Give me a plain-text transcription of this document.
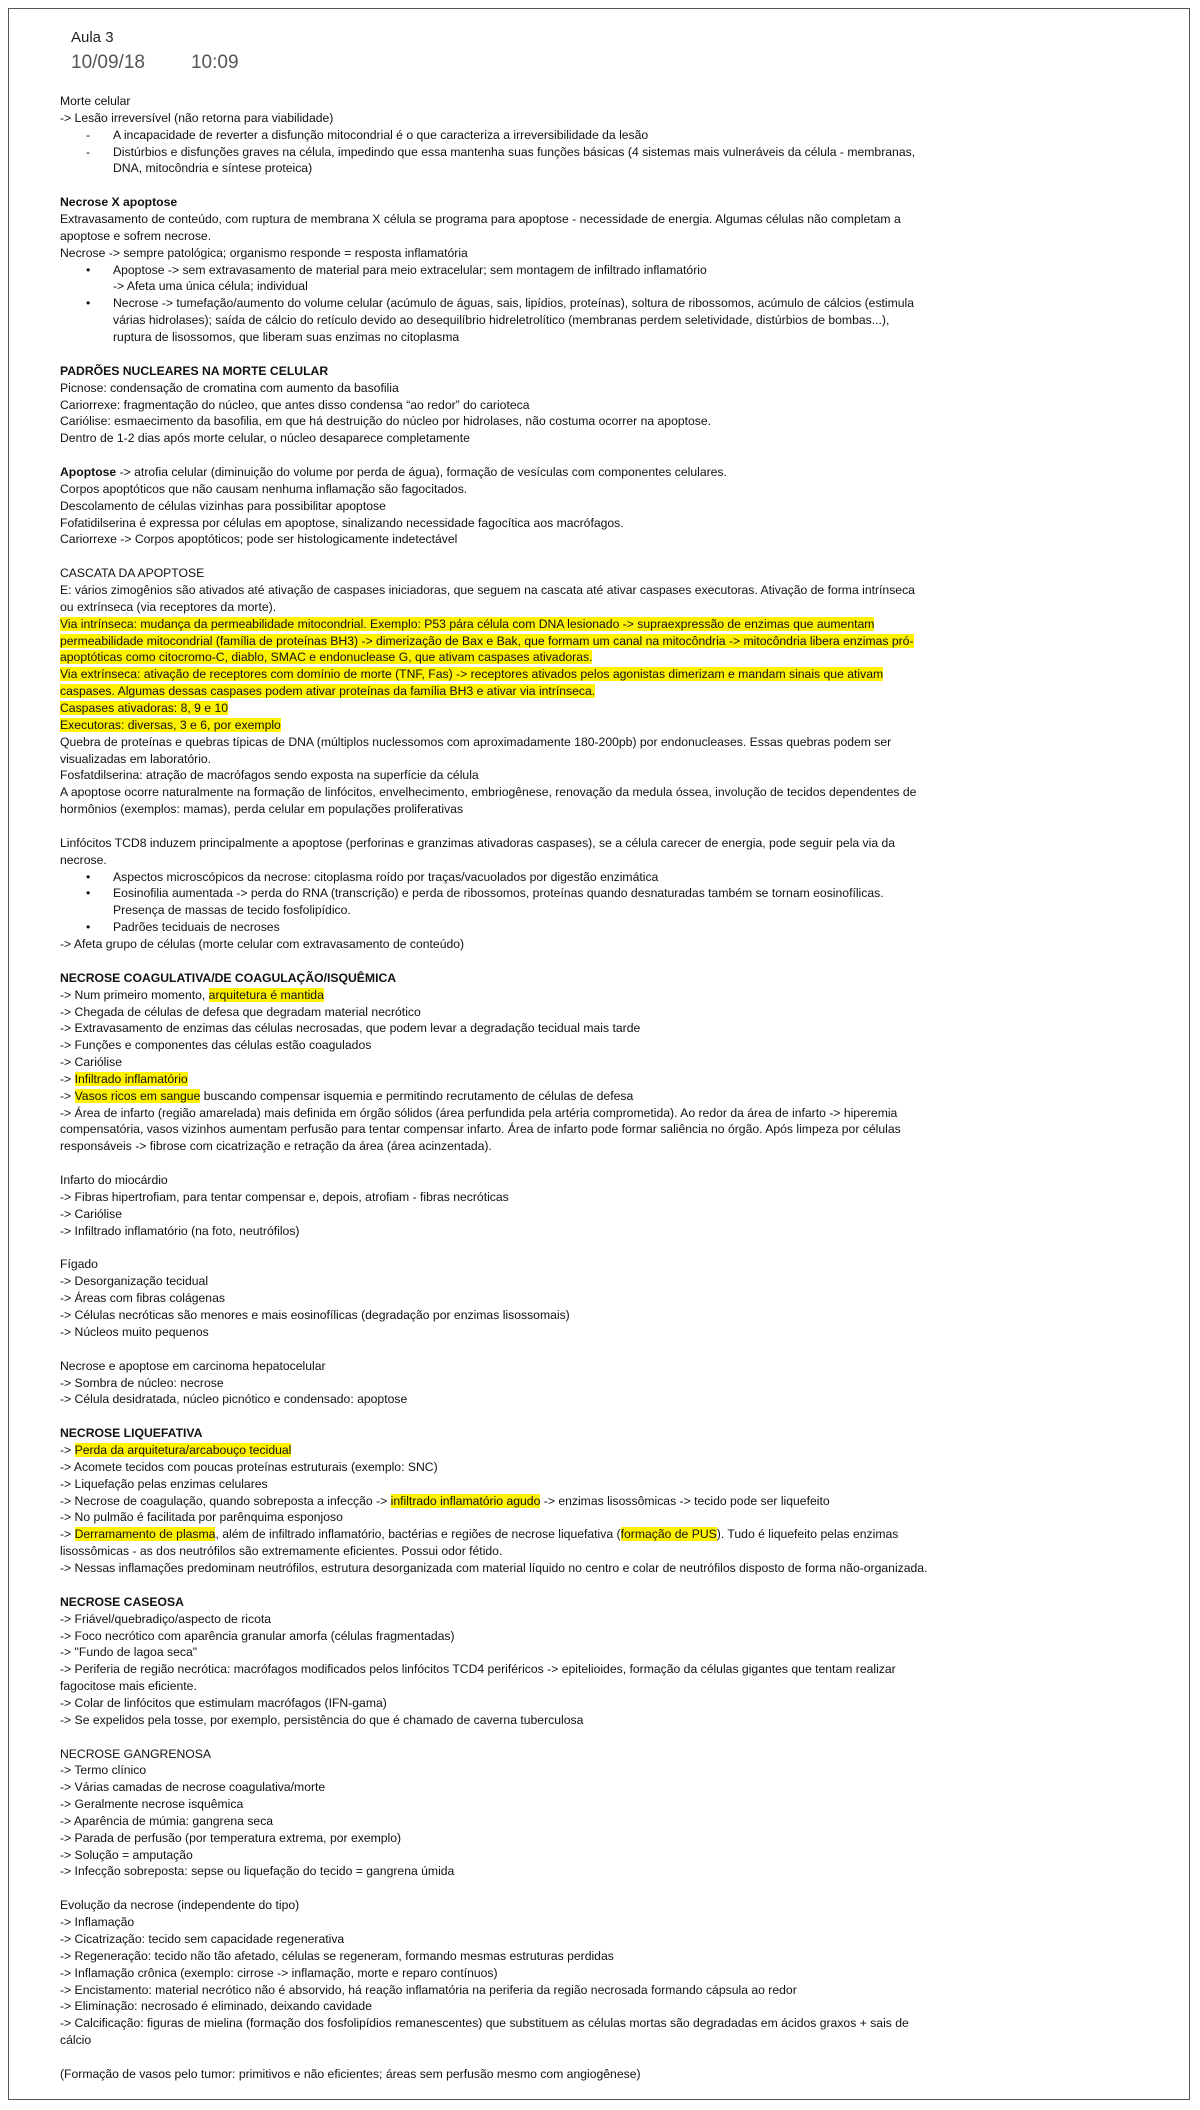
Aula 3
10/09/18 10:09

Morte celular

-> Lesão irreversível (não retorna para viabilidade)

- A incapacidade de reverter a disfunção mitocondrial é o que caracteriza a irreversibilidade da lesão
- Distúrbios e disfunções graves na célula, impedindo que essa mantenha suas funções básicas (4 sistemas mais vulneráveis da célula - membranas, DNA, mitocôndria e síntese proteica)

Necrose X apoptose

Extravasamento de conteúdo, com ruptura de membrana X célula se programa para apoptose - necessidade de energia. Algumas células não completam a apoptose e sofrem necrose.

Necrose -> sempre patológica; organismo responde = resposta inflamatória

• Apoptose -> sem extravasamento de material para meio extracelular; sem montagem de infiltrado inflamatório
-> Afeta uma única célula; individual
• Necrose -> tumefação/aumento do volume celular (acúmulo de águas, sais, lipídios, proteínas), soltura de ribossomos, acúmulo de cálcios (estimula várias hidrolases); saída de cálcio do retículo devido ao desequilíbrio hidreletrolítico (membranas perdem seletividade, distúrbios de bombas...), ruptura de lisossomos, que liberam suas enzimas no citoplasma

PADRÕES NUCLEARES NA MORTE CELULAR

Picnose: condensação de cromatina com aumento da basofilia

Cariorrexe: fragmentação do núcleo, que antes disso condensa “ao redor” do carioteca

Cariólise: esmaecimento da basofilia, em que há destruição do núcleo por hidrolases, não costuma ocorrer na apoptose.

Dentro de 1-2 dias após morte celular, o núcleo desaparece completamente

Apoptose -> atrofia celular (diminuição do volume por perda de água), formação de vesículas com componentes celulares.

Corpos apoptóticos que não causam nenhuma inflamação são fagocitados.

Descolamento de células vizinhas para possibilitar apoptose

Fofatidilserina é expressa por células em apoptose, sinalizando necessidade fagocítica aos macrófagos.

Cariorrexe -> Corpos apoptóticos; pode ser histologicamente indetectável

CASCATA DA APOPTOSE

E: vários zimogênios são ativados até ativação de caspases iniciadoras, que seguem na cascata até ativar caspases executoras. Ativação de forma intrínseca ou extrínseca (via receptores da morte).

Via intrínseca: mudança da permeabilidade mitocondrial. Exemplo: P53 pára célula com DNA lesionado -> supraexpressão de enzimas que aumentam permeabilidade mitocondrial (família de proteínas BH3) -> dimerização de Bax e Bak, que formam um canal na mitocôndria -> mitocôndria libera enzimas pró-apoptóticas como citocromo-C, diablo, SMAC e endonuclease G, que ativam caspases ativadoras.

Via extrínseca: ativação de receptores com domínio de morte (TNF, Fas) -> receptores ativados pelos agonistas dimerizam e mandam sinais que ativam caspases. Algumas dessas caspases podem ativar proteínas da família BH3 e ativar via intrínseca.

Caspases ativadoras: 8, 9 e 10

Executoras: diversas, 3 e 6, por exemplo

Quebra de proteínas e quebras típicas de DNA (múltiplos nuclessomos com aproximadamente 180-200pb) por endonucleases. Essas quebras podem ser visualizadas em laboratório.

Fosfatdilserina: atração de macrófagos sendo exposta na superfície da célula

A apoptose ocorre naturalmente na formação de linfócitos, envelhecimento, embriogênese, renovação da medula óssea, involução de tecidos dependentes de hormônios (exemplos: mamas), perda celular em populações proliferativas

Linfócitos TCD8 induzem principalmente a apoptose (perforinas e granzimas ativadoras caspases), se a célula carecer de energia, pode seguir pela via da necrose.

• Aspectos microscópicos da necrose: citoplasma roído por traças/vacuolados por digestão enzimática
• Eosinofilia aumentada -> perda do RNA (transcrição) e perda de ribossomos, proteínas quando desnaturadas também se tornam eosinofílicas. Presença de massas de tecido fosfolipídico.
• Padrões teciduais de necroses

-> Afeta grupo de células (morte celular com extravasamento de conteúdo)

NECROSE COAGULATIVA/DE COAGULAÇÃO/ISQUÊMICA

-> Num primeiro momento, arquitetura é mantida

-> Chegada de células de defesa que degradam material necrótico

-> Extravasamento de enzimas das células necrosadas, que podem levar a degradação tecidual mais tarde

-> Funções e componentes das células estão coagulados

-> Cariólise

-> Infiltrado inflamatório

-> Vasos ricos em sangue buscando compensar isquemia e permitindo recrutamento de células de defesa

-> Área de infarto (região amarelada) mais definida em órgão sólidos (área perfundida pela artéria comprometida). Ao redor da área de infarto -> hiperemia compensatória, vasos vizinhos aumentam perfusão para tentar compensar infarto. Área de infarto pode formar saliência no órgão. Após limpeza por células responsáveis -> fibrose com cicatrização e retração da área (área acinzentada).

Infarto do miocárdio

-> Fibras hipertrofiam, para tentar compensar e, depois, atrofiam - fibras necróticas

-> Cariólise

-> Infiltrado inflamatório (na foto, neutrófilos)

Fígado

-> Desorganização tecidual

-> Áreas com fibras colágenas

-> Células necróticas são menores e mais eosinofílicas (degradação por enzimas lisossomais)

-> Núcleos muito pequenos

Necrose e apoptose em carcinoma hepatocelular

-> Sombra de núcleo: necrose

-> Célula desidratada, núcleo picnótico e condensado: apoptose

NECROSE LIQUEFATIVA

-> Perda da arquitetura/arcabouço tecidual

-> Acomete tecidos com poucas proteínas estruturais (exemplo: SNC)

-> Liquefação pelas enzimas celulares

-> Necrose de coagulação, quando sobreposta a infecção -> infiltrado inflamatório agudo -> enzimas lisossômicas -> tecido pode ser liquefeito

-> No pulmão é facilitada por parênquima esponjoso

-> Derramamento de plasma, além de infiltrado inflamatório, bactérias e regiões de necrose liquefativa (formação de PUS). Tudo é liquefeito pelas enzimas lisossômicas - as dos neutrófilos são extremamente eficientes. Possui odor fétido.

-> Nessas inflamações predominam neutrófilos, estrutura desorganizada com material líquido no centro e colar de neutrófilos disposto de forma não-organizada.

NECROSE CASEOSA

-> Friável/quebradiço/aspecto de ricota

-> Foco necrótico com aparência granular amorfa (células fragmentadas)

-> "Fundo de lagoa seca"

-> Periferia de região necrótica: macrófagos modificados pelos linfócitos TCD4 periféricos -> epitelioides, formação da células gigantes que tentam realizar fagocitose mais eficiente.

-> Colar de linfócitos que estimulam macrófagos (IFN-gama)

-> Se expelidos pela tosse, por exemplo, persistência do que é chamado de caverna tuberculosa

NECROSE GANGRENOSA

-> Termo clínico

-> Várias camadas de necrose coagulativa/morte

-> Geralmente necrose isquêmica

-> Aparência de múmia: gangrena seca

-> Parada de perfusão (por temperatura extrema, por exemplo)

-> Solução = amputação

-> Infecção sobreposta: sepse ou liquefação do tecido = gangrena úmida

Evolução da necrose (independente do tipo)

-> Inflamação

-> Cicatrização: tecido sem capacidade regenerativa

-> Regeneração: tecido não tão afetado, células se regeneram, formando mesmas estruturas perdidas

-> Inflamação crônica (exemplo: cirrose -> inflamação, morte e reparo contínuos)

-> Encistamento: material necrótico não é absorvido, há reação inflamatória na periferia da região necrosada formando cápsula ao redor

-> Eliminação: necrosado é eliminado, deixando cavidade

-> Calcificação: figuras de mielina (formação dos fosfolipídios remanescentes) que substituem as células mortas são degradadas em ácidos graxos + sais de cálcio

(Formação de vasos pelo tumor: primitivos e não eficientes; áreas sem perfusão mesmo com angiogênese)
